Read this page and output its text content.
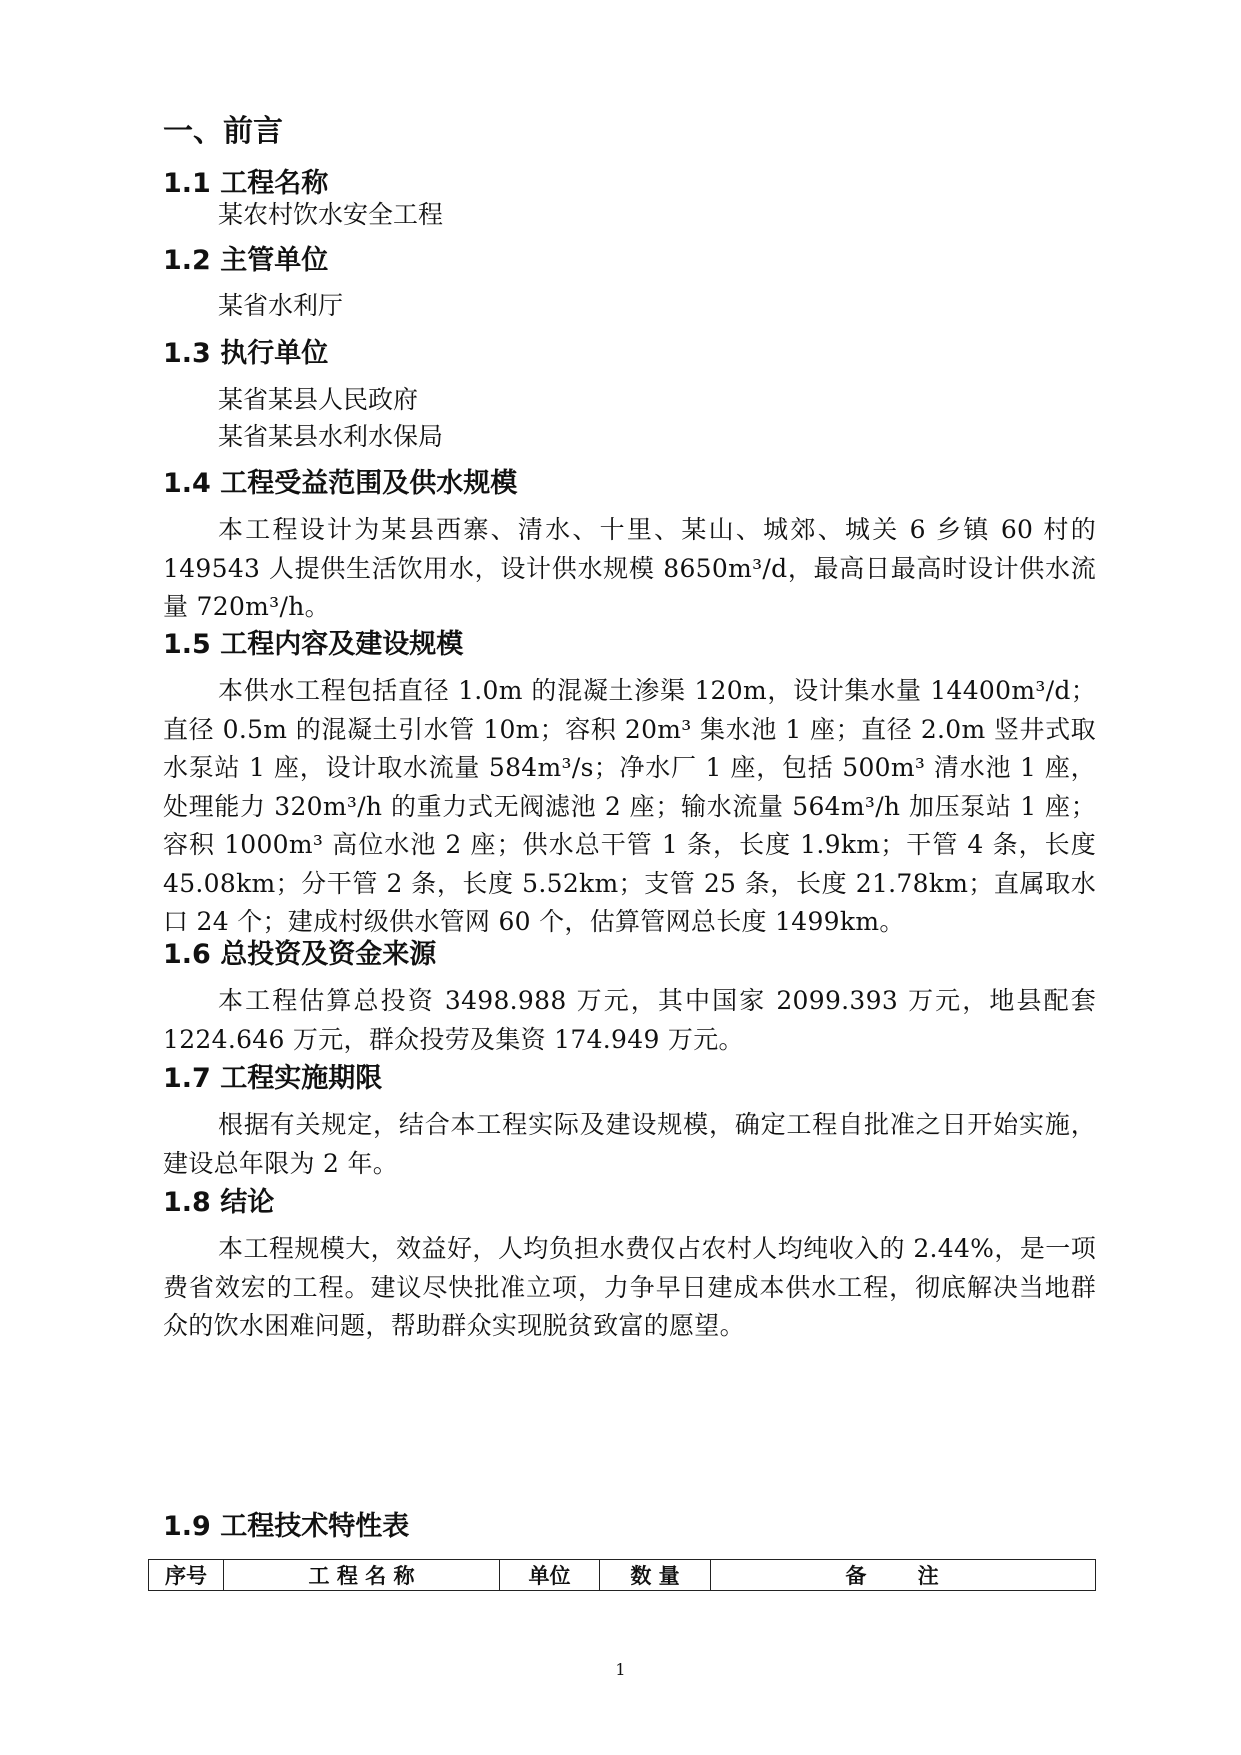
一、前言
1.1 工程名称

某农村饮水安全工程

1.2 主管单位

某省水利厅

1.3 执行单位

某省某县人民政府

某省某县水利水保局

1.4 工程受益范围及供水规模

本工程设计为某县西寨、清水、十里、某山、城郊、城关 6 乡镇 60 村的 149543 人提供生活饮用水，设计供水规模 8650m³/d，最高日最高时设计供水流量 720m³/h。

1.5 工程内容及建设规模

本供水工程包括直径 1.0m 的混凝土渗渠 120m，设计集水量 14400m³/d；直径 0.5m 的混凝土引水管 10m；容积 20m³ 集水池 1 座；直径 2.0m 竖井式取水泵站 1 座，设计取水流量 584m³/s；净水厂 1 座，包括 500m³ 清水池 1 座，处理能力 320m³/h 的重力式无阀滤池 2 座；输水流量 564m³/h 加压泵站 1 座；容积 1000m³ 高位水池 2 座；供水总干管 1 条，长度 1.9km；干管 4 条，长度 45.08km；分干管 2 条，长度 5.52km；支管 25 条，长度 21.78km；直属取水口 24 个；建成村级供水管网 60 个，估算管网总长度 1499km。

1.6 总投资及资金来源

本工程估算总投资 3498.988 万元，其中国家 2099.393 万元，地县配套 1224.646 万元，群众投劳及集资 174.949 万元。

1.7 工程实施期限

根据有关规定，结合本工程实际及建设规模，确定工程自批准之日开始实施，建设总年限为 2 年。

1.8 结论

本工程规模大，效益好，人均负担水费仅占农村人均纯收入的 2.44%，是一项费省效宏的工程。建议尽快批准立项，力争早日建成本供水工程，彻底解决当地群众的饮水困难问题，帮助群众实现脱贫致富的愿望。

1.9 工程技术特性表
序号	工 程 名 称	单位	数 量	备 注

1
